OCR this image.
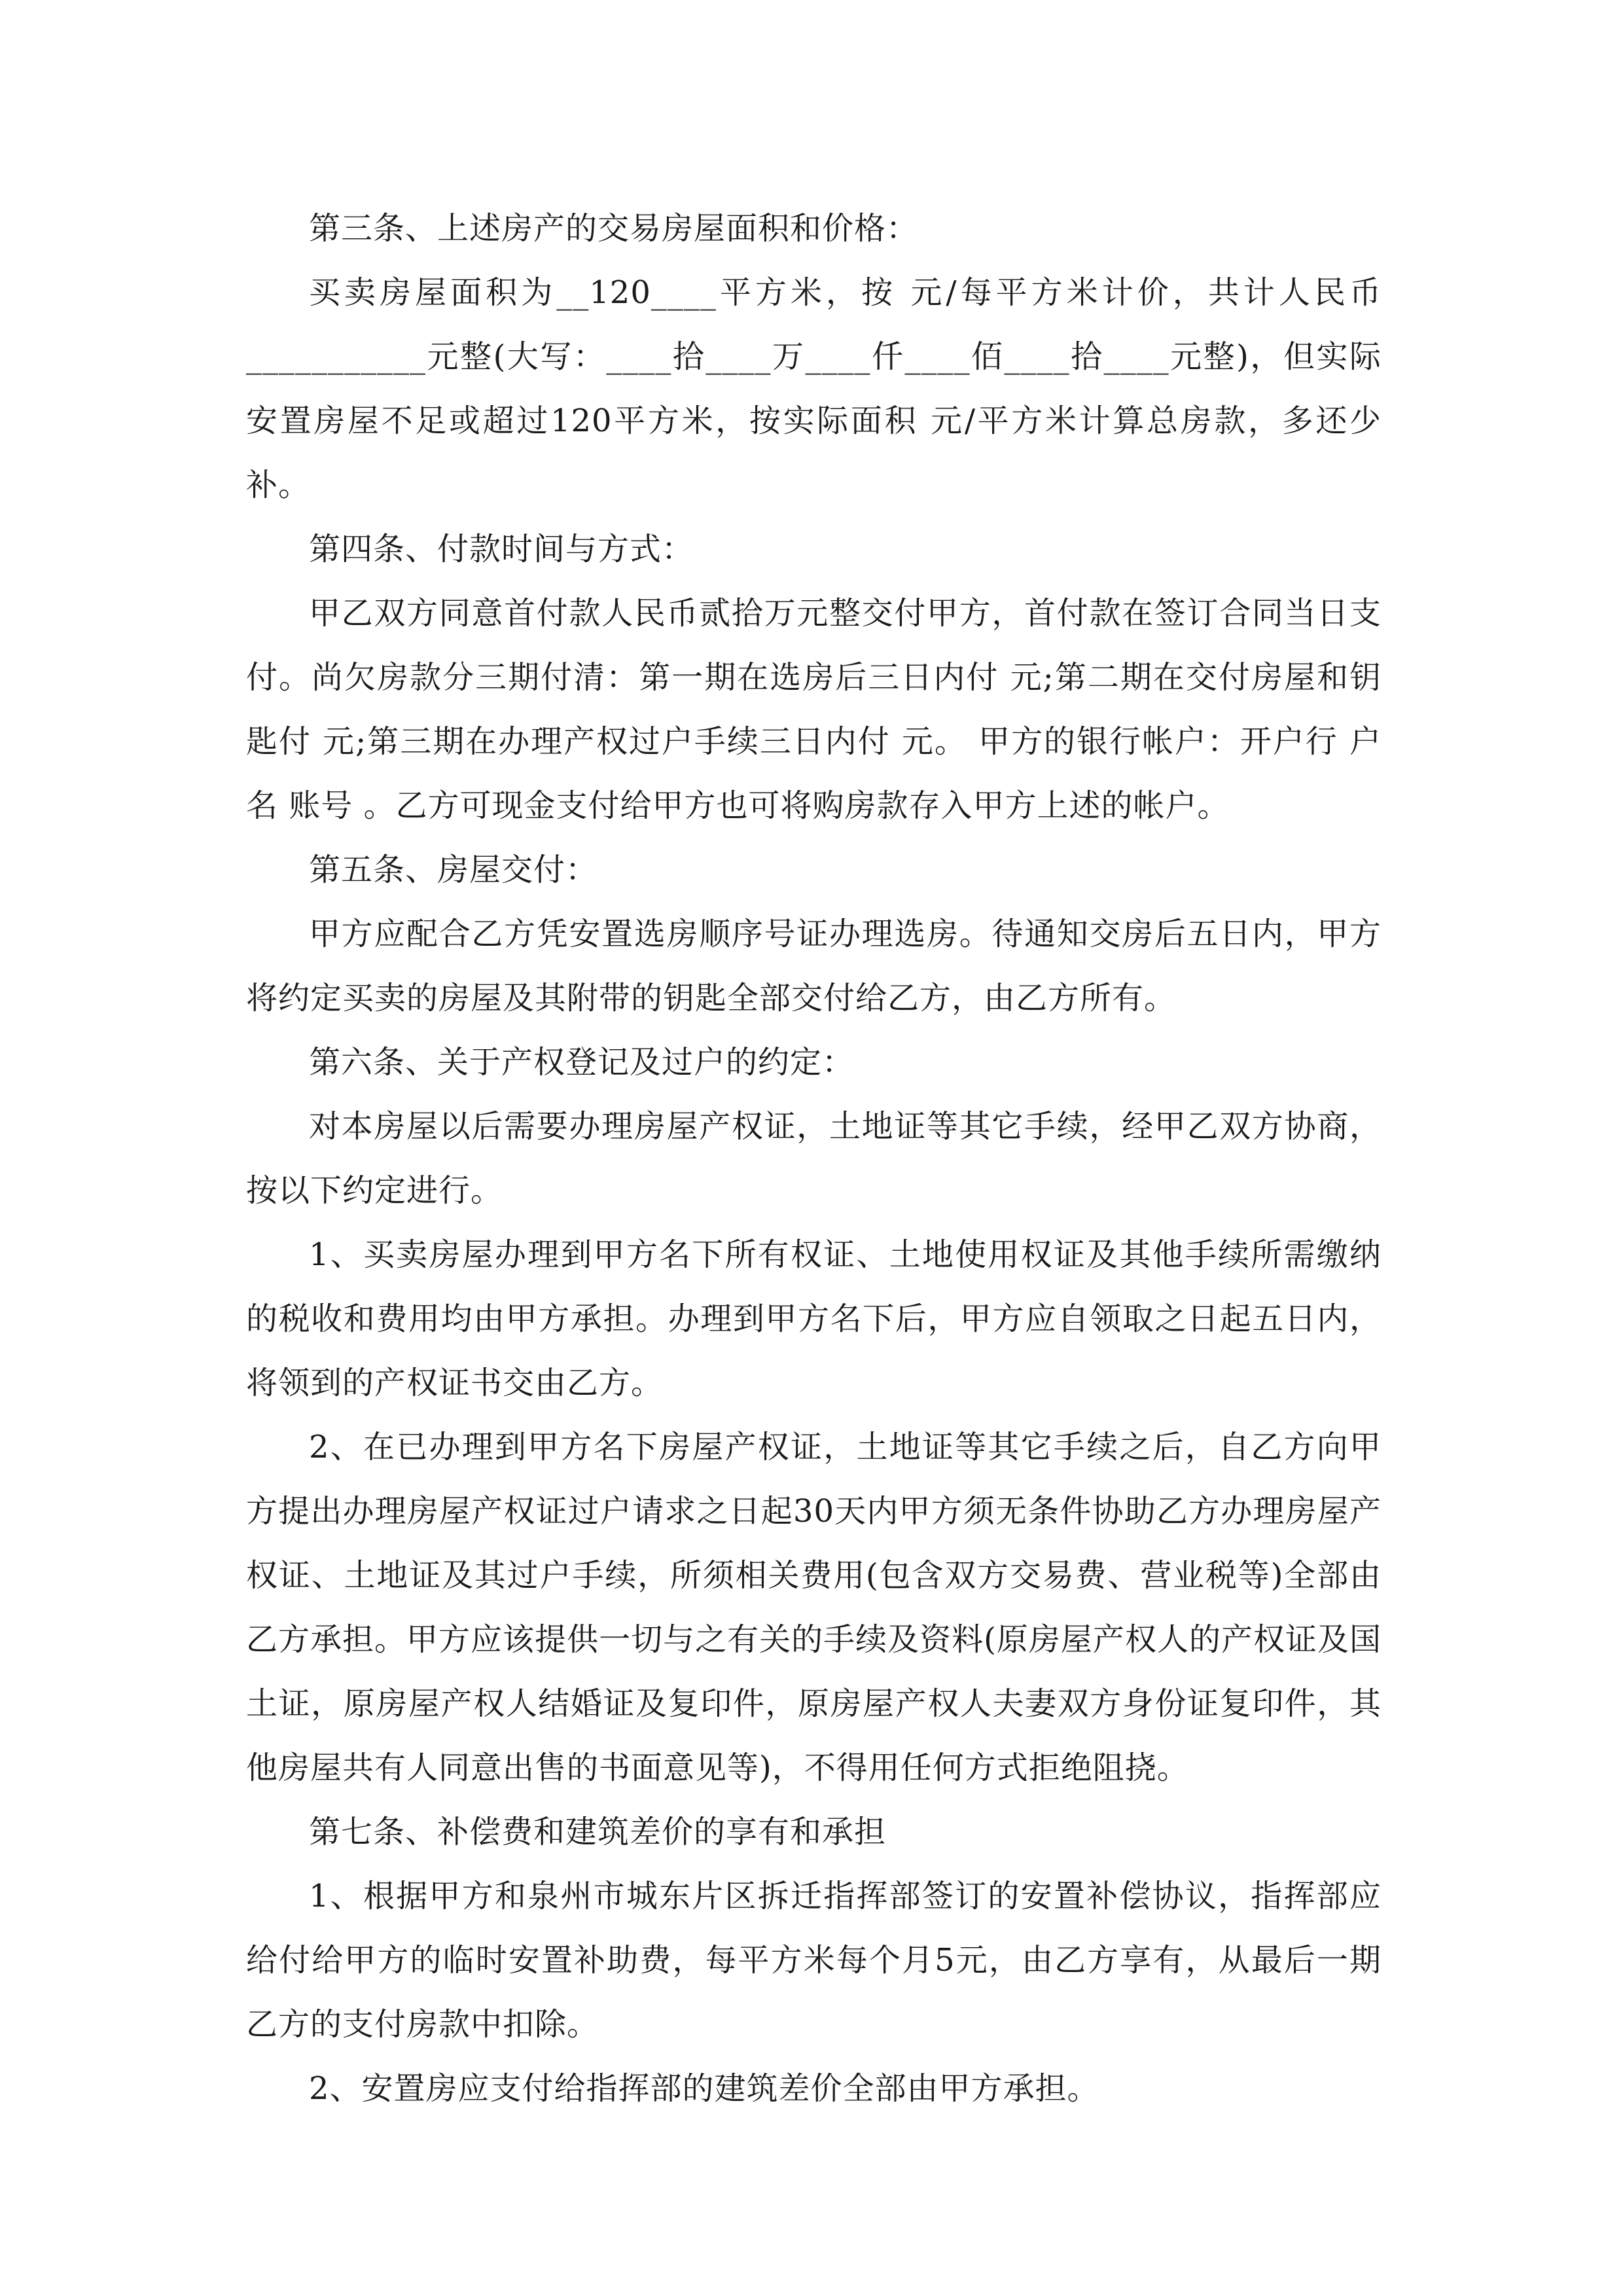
第三条、上述房产的交易房屋面积和价格：

买卖房屋面积为__120____平方米，按 元/每平方米计价，共计人民币___________元整(大写：____拾____万____仟____佰____拾____元整)，但实际安置房屋不足或超过120平方米，按实际面积 元/平方米计算总房款，多还少补。

第四条、付款时间与方式：

甲乙双方同意首付款人民币贰拾万元整交付甲方，首付款在签订合同当日支付。尚欠房款分三期付清：第一期在选房后三日内付 元;第二期在交付房屋和钥匙付 元;第三期在办理产权过户手续三日内付 元。 甲方的银行帐户：开户行 户名 账号 。乙方可现金支付给甲方也可将购房款存入甲方上述的帐户。

第五条、房屋交付：

甲方应配合乙方凭安置选房顺序号证办理选房。待通知交房后五日内，甲方将约定买卖的房屋及其附带的钥匙全部交付给乙方，由乙方所有。

第六条、关于产权登记及过户的约定：

对本房屋以后需要办理房屋产权证，土地证等其它手续，经甲乙双方协商，按以下约定进行。

1、买卖房屋办理到甲方名下所有权证、土地使用权证及其他手续所需缴纳的税收和费用均由甲方承担。办理到甲方名下后，甲方应自领取之日起五日内，将领到的产权证书交由乙方。

2、在已办理到甲方名下房屋产权证，土地证等其它手续之后，自乙方向甲方提出办理房屋产权证过户请求之日起30天内甲方须无条件协助乙方办理房屋产权证、土地证及其过户手续，所须相关费用(包含双方交易费、营业税等)全部由乙方承担。甲方应该提供一切与之有关的手续及资料(原房屋产权人的产权证及国土证，原房屋产权人结婚证及复印件，原房屋产权人夫妻双方身份证复印件，其他房屋共有人同意出售的书面意见等)，不得用任何方式拒绝阻挠。

第七条、补偿费和建筑差价的享有和承担

1、根据甲方和泉州市城东片区拆迁指挥部签订的安置补偿协议，指挥部应给付给甲方的临时安置补助费，每平方米每个月5元，由乙方享有，从最后一期乙方的支付房款中扣除。

2、安置房应支付给指挥部的建筑差价全部由甲方承担。
